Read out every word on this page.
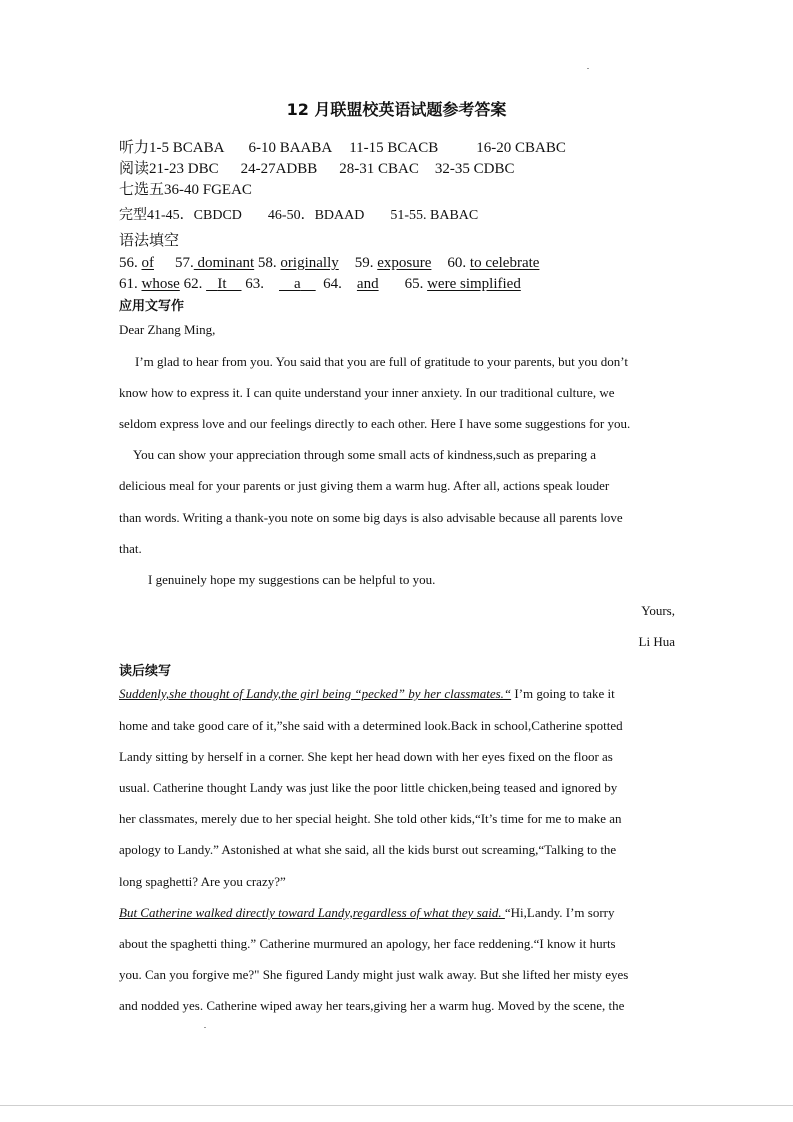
12 月联盟校英语试题参考答案
听力1-5 BCABA 6-10 BAABA 11-15 BCACB	16-20 CBABC
阅读21-23 DBC 24-27ADBB 28-31 CBAC 32-35 CDBC
七选五36-40 FGEAC
完型41-45．CBDCD 46-50．BDAAD 51-55. BABAC
语法填空
56. of 57. dominant 58. originally 59. exposure 60. to celebrate
61. whose 62. It 63. a 64. and 65. were simplified
应用文写作
Dear Zhang Ming,
I’m glad to hear from you. You said that you are full of gratitude to your parents, but you don’t
know how to express it. I can quite understand your inner anxiety. In our traditional culture, we
seldom express love and our feelings directly to each other. Here I have some suggestions for you.
You can show your appreciation through some small acts of kindness,such as preparing a
delicious meal for your parents or just giving them a warm hug. After all, actions speak louder
than words. Writing a thank-you note on some big days is also advisable because all parents love
that.
I genuinely hope my suggestions can be helpful to you.
Yours,
Li Hua
读后续写
Suddenly,she thought of Landy,the girl being “pecked” by her classmates.“ I’m going to take it
home and take good care of it,”she said with a determined look.Back in school,Catherine spotted
Landy sitting by herself in a corner. She kept her head down with her eyes fixed on the floor as
usual. Catherine thought Landy was just like the poor little chicken,being teased and ignored by
her classmates, merely due to her special height. She told other kids,“It’s time for me to make an
apology to Landy.” Astonished at what she said, all the kids burst out screaming,“Talking to the
long spaghetti? Are you crazy?”
But Catherine walked directly toward Landy,regardless of what they said. “Hi,Landy. I’m sorry
about the spaghetti thing.” Catherine murmured an apology, her face reddening.“I know it hurts
you. Can you forgive me?" She figured Landy might just walk away. But she lifted her misty eyes
and nodded yes. Catherine wiped away her tears,giving her a warm hug. Moved by the scene, the
